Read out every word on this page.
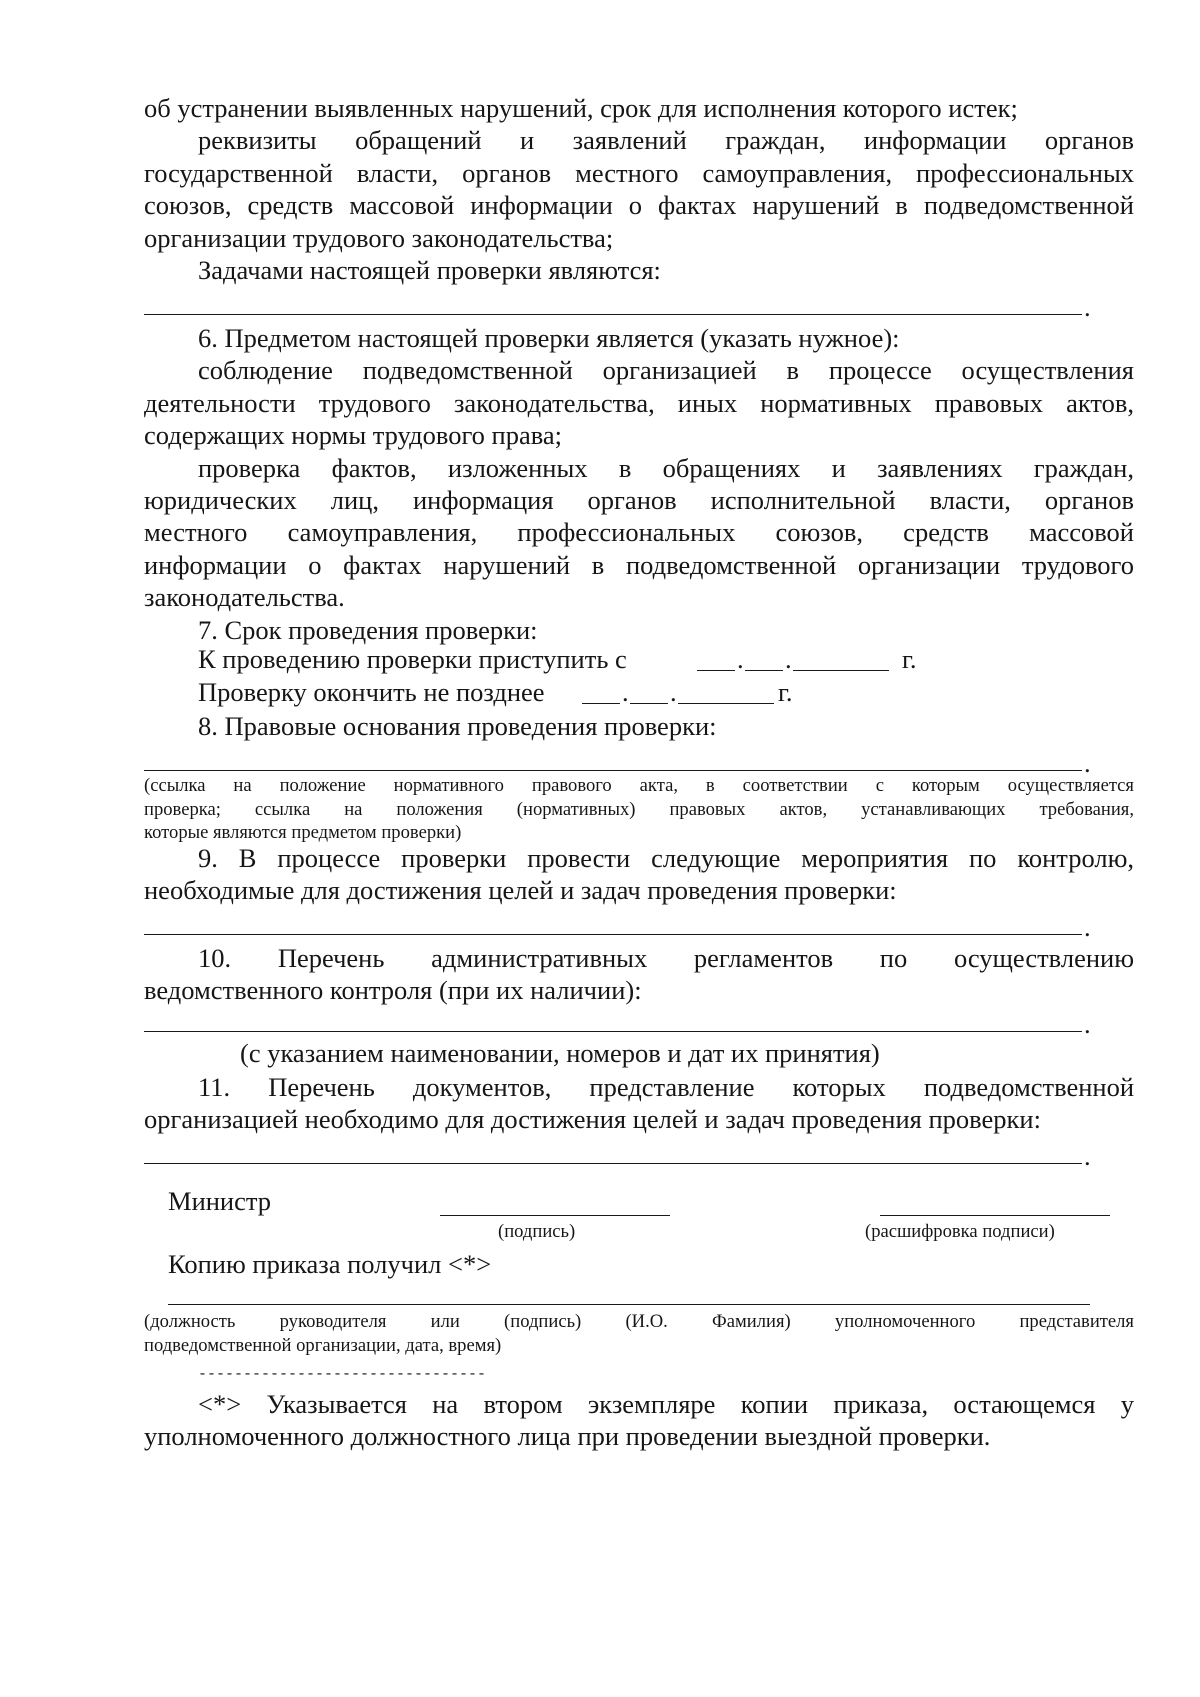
об устранении выявленных нарушений, срок для исполнения которого истек;

реквизиты обращений и заявлений граждан, информации органов

государственной власти, органов местного самоуправления, профессиональных

союзов, средств массовой информации о фактах нарушений в подведомственной

организации трудового законодательства;

Задачами настоящей проверки являются:

.

6. Предметом настоящей проверки является (указать нужное):

соблюдение подведомственной организацией в процессе осуществления

деятельности трудового законодательства, иных нормативных правовых актов,

содержащих нормы трудового права;

проверка фактов, изложенных в обращениях и заявлениях граждан,

юридических лиц, информация органов исполнительной власти, органов

местного самоуправления, профессиональных союзов, средств массовой

информации о фактах нарушений в подведомственной организации трудового

законодательства.

7. Срок проведения проверки:

К проведению проверки приступить с	. .	г.
Проверку окончить не позднее	. .	г.
8. Правовые основания проведения проверки:
.

(ссылка на положение нормативного правового акта, в соответствии с которым осуществляется

проверка; ссылка на положения (нормативных) правовых актов, устанавливающих требования,

которые являются предметом проверки)

9. В процессе проверки провести следующие мероприятия по контролю,

необходимые для достижения целей и задач проведения проверки:

.

10. Перечень административных регламентов по осуществлению

ведомственного контроля (при их наличии):

.
(с указанием наименовании, номеров и дат их принятия)

11. Перечень документов, представление которых подведомственной

организацией необходимо для достижения целей и задач проведения проверки:

.
Министр
(подпись)	(расшифровка подписи)
Копию приказа получил <*>

(должность руководителя или (подпись) (И.О. Фамилия) уполномоченного представителя

подведомственной организации, дата, время)

--------------------------------

<*> Указывается на втором экземпляре копии приказа, остающемся у

уполномоченного должностного лица при проведении выездной проверки.
